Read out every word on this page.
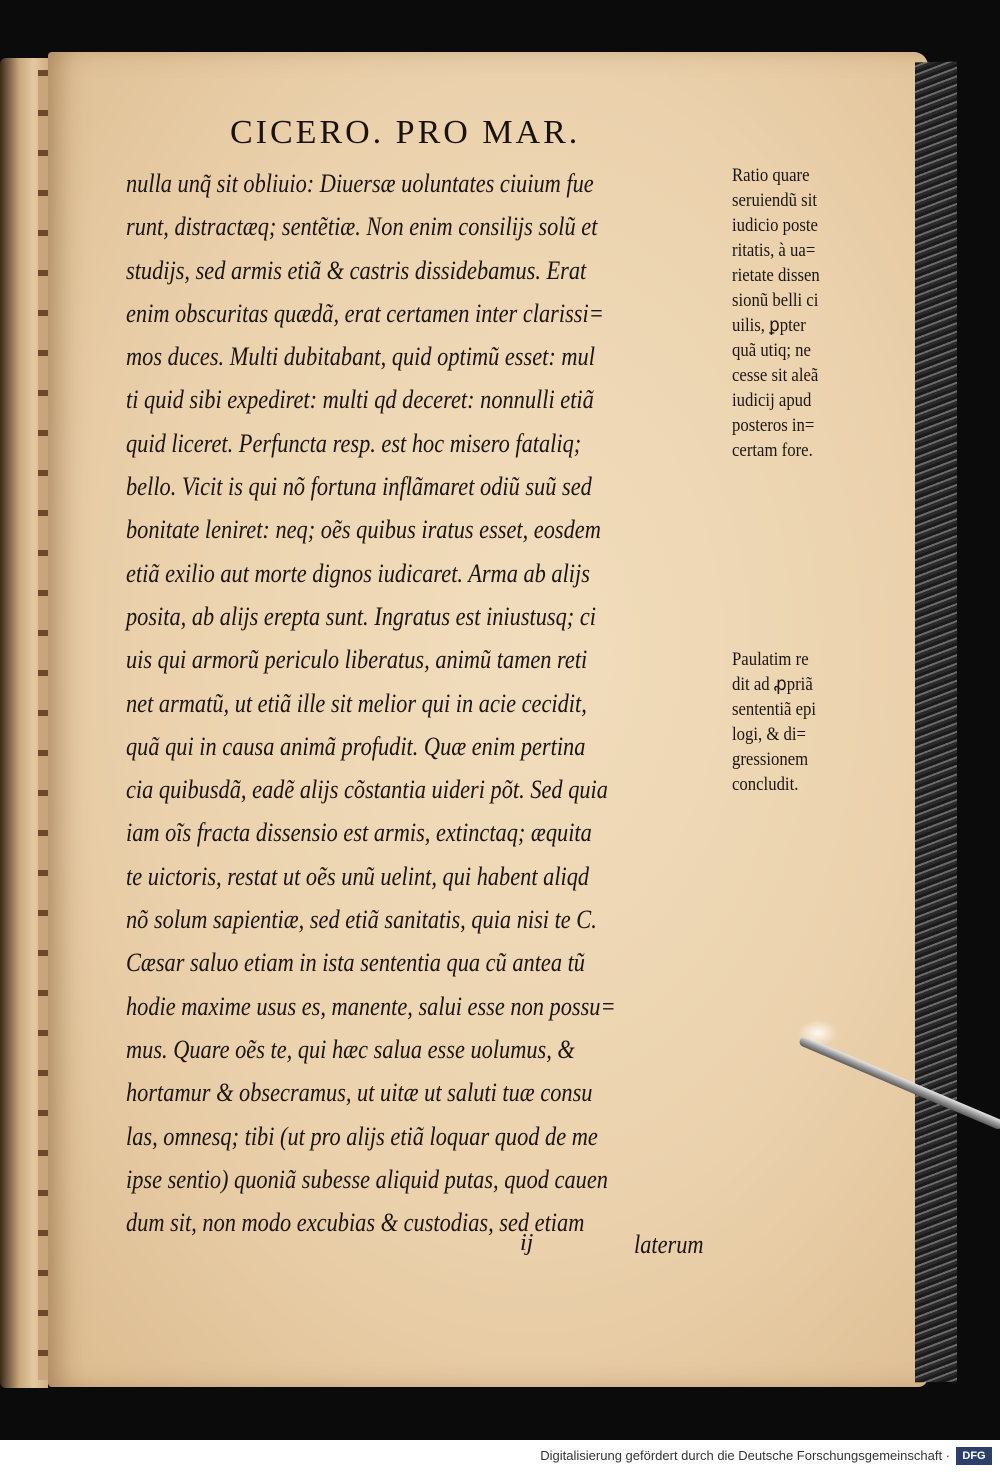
CICERO. PRO MAR.
nulla unq̃ sit obliuio: Diuersæ uoluntates ciuium fue
runt, distractæq; sentẽtiæ. Non enim consilijs solũ et
studijs, sed armis etiã & castris dissidebamus. Erat
enim obscuritas quædã, erat certamen inter clarissi=
mos duces. Multi dubitabant, quid optimũ esset: mul
ti quid sibi expediret: multi qd deceret: nonnulli etiã
quid liceret. Perfuncta resp. est hoc misero fataliq;
bello. Vicit is qui nõ fortuna inflãmaret odiũ suũ sed
bonitate leniret: neq; oẽs quibus iratus esset, eosdem
etiã exilio aut morte dignos iudicaret. Arma ab alijs
posita, ab alijs erepta sunt. Ingratus est iniustusq; ci
uis qui armorũ periculo liberatus, animũ tamen reti
net armatũ, ut etiã ille sit melior qui in acie cecidit,
quã qui in causa animã profudit. Quæ enim pertina
cia quibusdã, eadẽ alijs cõstantia uideri põt. Sed quia
iam oĩs fracta dissensio est armis, extinctaq; æquita
te uictoris, restat ut oẽs unũ uelint, qui habent aliqd
nõ solum sapientiæ, sed etiã sanitatis, quia nisi te C.
Cæsar saluo etiam in ista sententia qua cũ antea tũ
hodie maxime usus es, manente, salui esse non possu=
mus. Quare oẽs te, qui hæc salua esse uolumus, &
hortamur & obsecramus, ut uitæ ut saluti tuæ consu
las, omnesq; tibi (ut pro alijs etiã loquar quod de me
ipse sentio) quoniã subesse aliquid putas, quod cauen
dum sit, non modo excubias & custodias, sed etiam
ij	laterum
Ratio quare
seruiendũ sit
iudicio poste
ritatis, à ua=
rietate dissen
sionũ belli ci
uilis, ꝑpter
quã utiq; ne
cesse sit aleã
iudicij apud
posteros in=
certam fore.
Paulatim re
dit ad ꝓpriã
sententiã epi
logi, & di=
gressionem
concludit.
Digitalisierung gefördert durch die Deutsche Forschungsgemeinschaft ·	DFG
